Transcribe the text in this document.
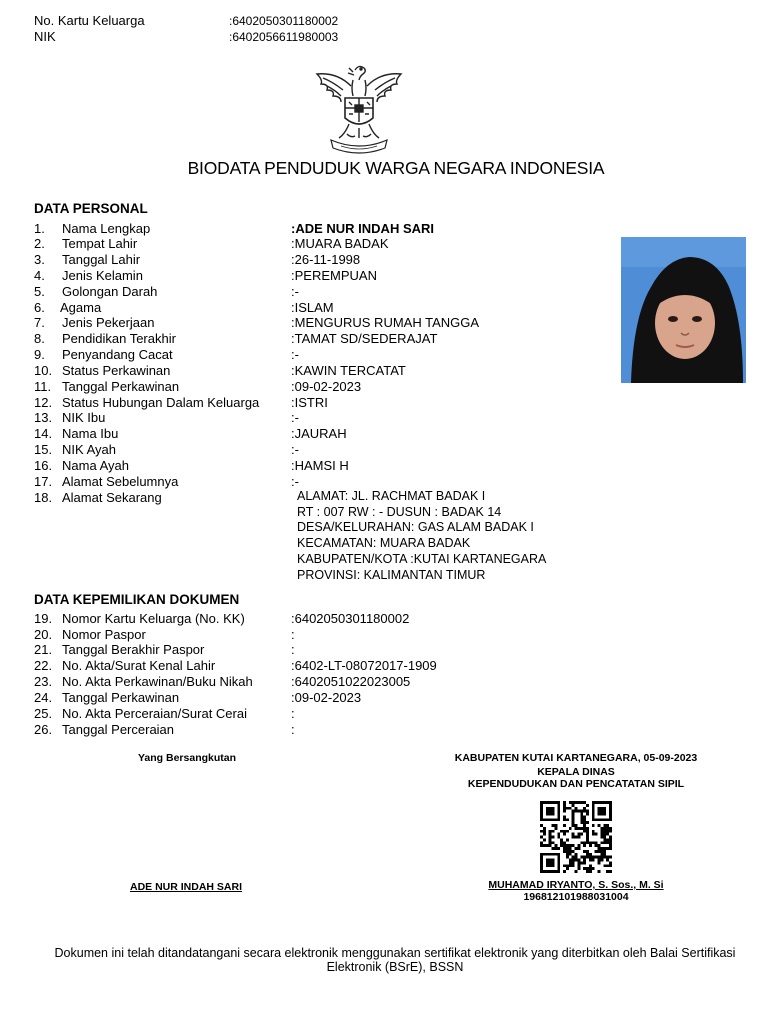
No. Kartu Keluarga	:6402050301180002
NIK	:6402056611980003
BIODATA PENDUDUK WARGA NEGARA INDONESIA
DATA PERSONAL
1. Nama Lengkap	:ADE NUR INDAH SARI
2. Tempat Lahir	:MUARA BADAK
3. Tanggal Lahir	:26-11-1998
4. Jenis Kelamin	:PEREMPUAN
5. Golongan Darah	:-
6. Agama	:ISLAM
7. Jenis Pekerjaan	:MENGURUS RUMAH TANGGA
8. Pendidikan Terakhir	:TAMAT SD/SEDERAJAT
9. Penyandang Cacat	:-
10. Status Perkawinan	:KAWIN TERCATAT
11. Tanggal Perkawinan	:09-02-2023
12. Status Hubungan Dalam Keluarga :ISTRI
13. NIK Ibu	:-
14. Nama Ibu	:JAURAH
15. NIK Ayah	:-
16. Nama Ayah	:HAMSI H
17. Alamat Sebelumnya	:-
18. Alamat Sekarang	ALAMAT: JL. RACHMAT BADAK I
RT : 007 RW : - DUSUN : BADAK 14
DESA/KELURAHAN: GAS ALAM BADAK I
KECAMATAN: MUARA BADAK
KABUPATEN/KOTA :KUTAI KARTANEGARA
PROVINSI: KALIMANTAN TIMUR
DATA KEPEMILIKAN DOKUMEN
19. Nomor Kartu Keluarga (No. KK)	:6402050301180002
20. Nomor Paspor	:
21. Tanggal Berakhir Paspor	:
22. No. Akta/Surat Kenal Lahir	:6402-LT-08072017-1909
23. No. Akta Perkawinan/Buku Nikah	:6402051022023005
24. Tanggal Perkawinan	:09-02-2023
25. No. Akta Perceraian/Surat Cerai	:
26. Tanggal Perceraian	:
Yang Bersangkutan
ADE NUR INDAH SARI
KABUPATEN KUTAI KARTANEGARA, 05-09-2023
KEPALA DINAS
KEPENDUDUKAN DAN PENCATATAN SIPIL
MUHAMAD IRYANTO, S. Sos., M. Si
196812101988031004
Dokumen ini telah ditandatangani secara elektronik menggunakan sertifikat elektronik yang diterbitkan oleh Balai Sertifikasi Elektronik (BSrE), BSSN
